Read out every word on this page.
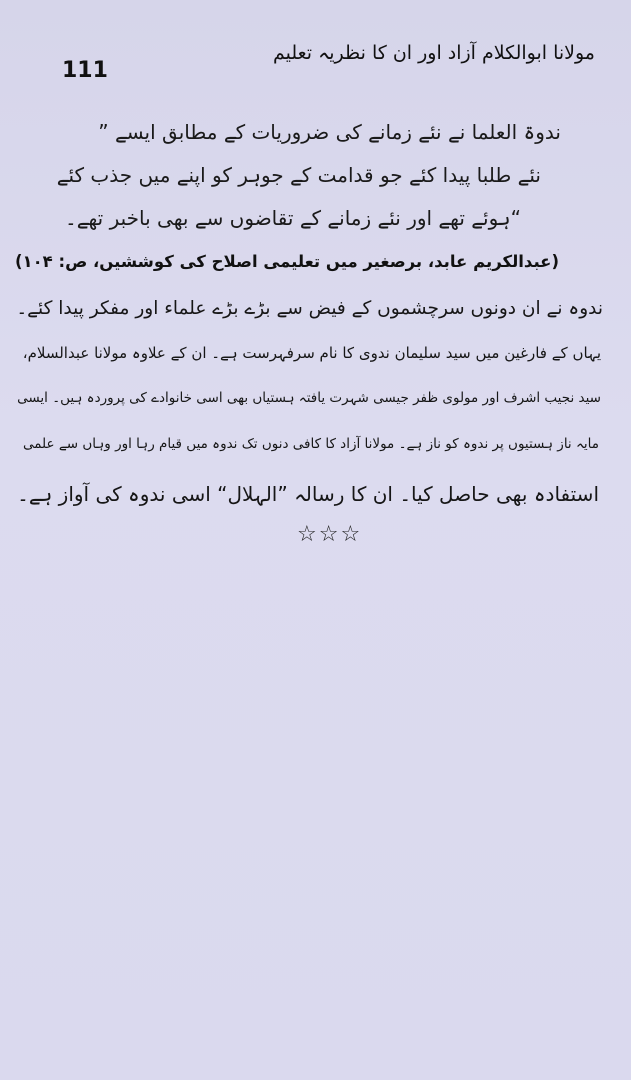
111
مولانا ابوالکلام آزاد اور ان کا نظریہ تعلیم
” ندوۃ العلما نے نئے زمانے کی ضروریات کے مطابق ایسے
نئے طلبا پیدا کئے جو قدامت کے جوہر کو اپنے میں جذب کئے
ہوئے تھے اور نئے زمانے کے تقاضوں سے بھی باخبر تھے۔“
(عبدالکریم عابد، برصغیر میں تعلیمی اصلاح کی کوششیں، ص: ۱۰۴)
ندوہ نے ان دونوں سرچشموں کے فیض سے بڑے بڑے علماء اور مفکر پیدا کئے۔
یہاں کے فارغین میں سید سلیمان ندوی کا نام سرفہرست ہے۔ ان کے علاوہ مولانا عبدالسلام،
سید نجیب اشرف اور مولوی ظفر جیسی شہرت یافتہ ہستیاں بھی اسی خانوادے کی پروردہ ہیں۔ ایسی
مایہ ناز ہستیوں پر ندوہ کو ناز ہے۔ مولانا آزاد کا کافی دنوں تک ندوہ میں قیام رہا اور وہاں سے علمی
استفادہ بھی حاصل کیا۔ ان کا رسالہ ”الہلال“ اسی ندوہ کی آواز ہے۔
☆☆☆
